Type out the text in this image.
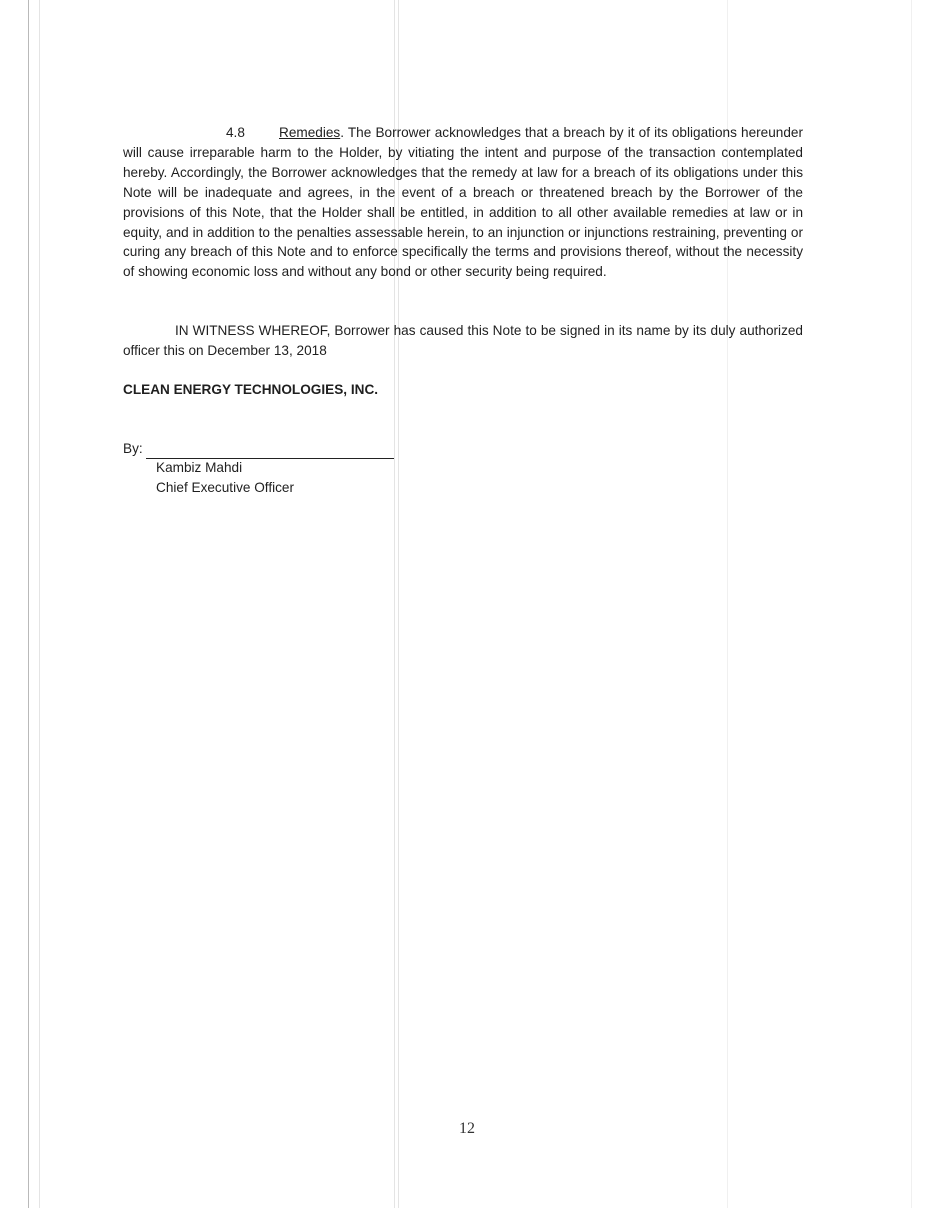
4.8	Remedies. The Borrower acknowledges that a breach by it of its obligations hereunder will cause irreparable harm to the Holder, by vitiating the intent and purpose of the transaction contemplated hereby. Accordingly, the Borrower acknowledges that the remedy at law for a breach of its obligations under this Note will be inadequate and agrees, in the event of a breach or threatened breach by the Borrower of the provisions of this Note, that the Holder shall be entitled, in addition to all other available remedies at law or in equity, and in addition to the penalties assessable herein, to an injunction or injunctions restraining, preventing or curing any breach of this Note and to enforce specifically the terms and provisions thereof, without the necessity of showing economic loss and without any bond or other security being required.
IN WITNESS WHEREOF, Borrower has caused this Note to be signed in its name by its duly authorized officer this on December 13, 2018
CLEAN ENERGY TECHNOLOGIES, INC.
By:
Kambiz Mahdi
Chief Executive Officer
12
